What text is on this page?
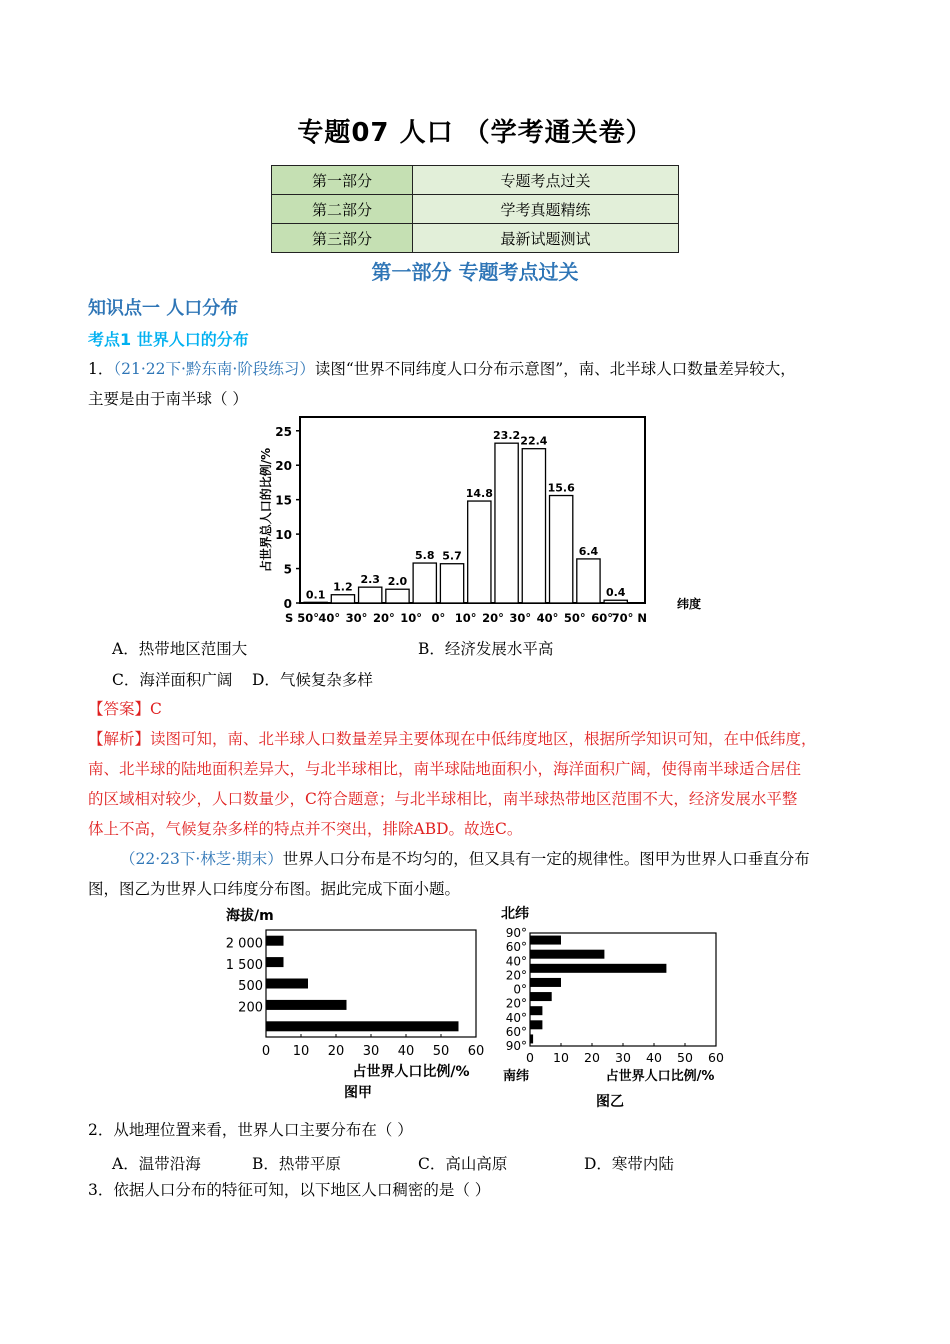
专题07 人口 （学考通关卷）
第一部分	专题考点过关
第二部分	学考真题精练
第三部分	最新试题测试
第一部分 专题考点过关
知识点一 人口分布
考点1 世界人口的分布
1．（21·22下·黔东南·阶段练习）读图“世界不同纬度人口分布示意图”，南、北半球人口数量差异较大，
主要是由于南半球（ ）
0
5
10
15
20
25
占世界总人口的比例/%
S 50° 40° 30° 20° 10° 0° 10° 20° 30° 40° 50° 60°
70° N
纬度
0.1
1.2
2.3 2.0
5.8 5.7
14.8
23.2 22.4
15.6
6.4
0.4
A．热带地区范围大	B．经济发展水平高
C．海洋面积广阔 D．气候复杂多样
【答案】C
【解析】读图可知，南、北半球人口数量差异主要体现在中低纬度地区，根据所学知识可知，在中低纬度，
南、北半球的陆地面积差异大，与北半球相比，南半球陆地面积小，海洋面积广阔，使得南半球适合居住
的区域相对较少，人口数量少，C符合题意；与北半球相比，南半球热带地区范围不大，经济发展水平整
体上不高，气候复杂多样的特点并不突出，排除ABD。故选C。
（22·23下·林芝·期末）世界人口分布是不均匀的，但又具有一定的规律性。图甲为世界人口垂直分布
图，图乙为世界人口纬度分布图。据此完成下面小题。
海拔/m
2 000
1 500
500
200
0 10 20 30 40 50 60
占世界人口比例/%
图甲
北纬
90°
60°
40°
20°
0°
20°
40°
60°
90°
0 10 20 30 40 50 60
南纬	占世界人口比例/%
图乙
2．从地理位置来看，世界人口主要分布在（ ）
A．温带沿海	B．热带平原	C．高山高原	D．寒带内陆
3．依据人口分布的特征可知，以下地区人口稠密的是（ ）
